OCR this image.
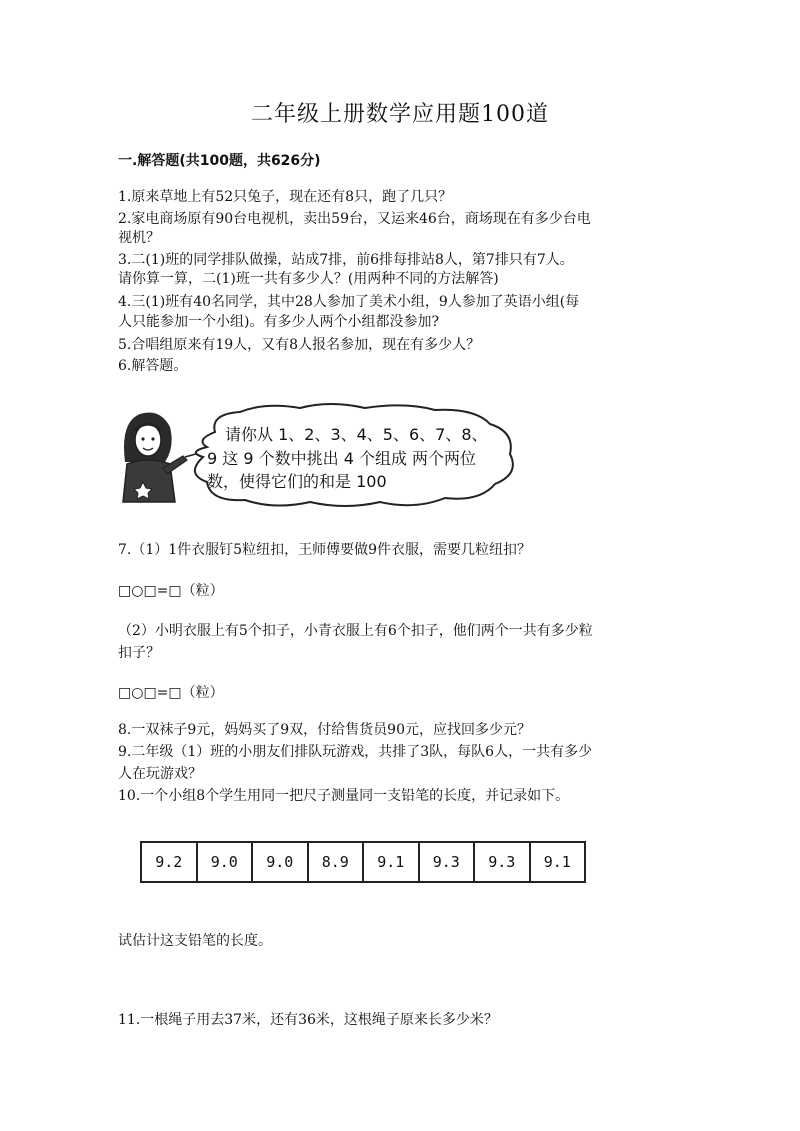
二年级上册数学应用题100道
一.解答题(共100题，共626分)
1.原来草地上有52只兔子，现在还有8只，跑了几只？
2.家电商场原有90台电视机，卖出59台，又运来46台，商场现在有多少台电
视机？
3.二(1)班的同学排队做操，站成7排，前6排每排站8人，第7排只有7人。
请你算一算，二(1)班一共有多少人？(用两种不同的方法解答)
4.三(1)班有40名同学，其中28人参加了美术小组，9人参加了英语小组(每
人只能参加一个小组)。有多少人两个小组都没参加?
5.合唱组原来有19人，又有8人报名参加，现在有多少人？
6.解答题。
请你从 1、2、3、4、5、6、7、8、
9 这 9 个数中挑出 4 个组成 两个两位
数，使得它们的和是 100
7.（1）1件衣服钉5粒纽扣，王师傅要做9件衣服，需要几粒纽扣？
□○□=□（粒）
（2）小明衣服上有5个扣子，小青衣服上有6个扣子，他们两个一共有多少粒
扣子？
□○□=□（粒）
8.一双袜子9元，妈妈买了9双，付给售货员90元，应找回多少元？
9.二年级（1）班的小朋友们排队玩游戏，共排了3队，每队6人，一共有多少
人在玩游戏？
10.一个小组8个学生用同一把尺子测量同一支铅笔的长度，并记录如下。
9.2	9.0	9.0	8.9	9.1	9.3	9.3	9.1
试估计这支铅笔的长度。
11.一根绳子用去37米，还有36米，这根绳子原来长多少米？
